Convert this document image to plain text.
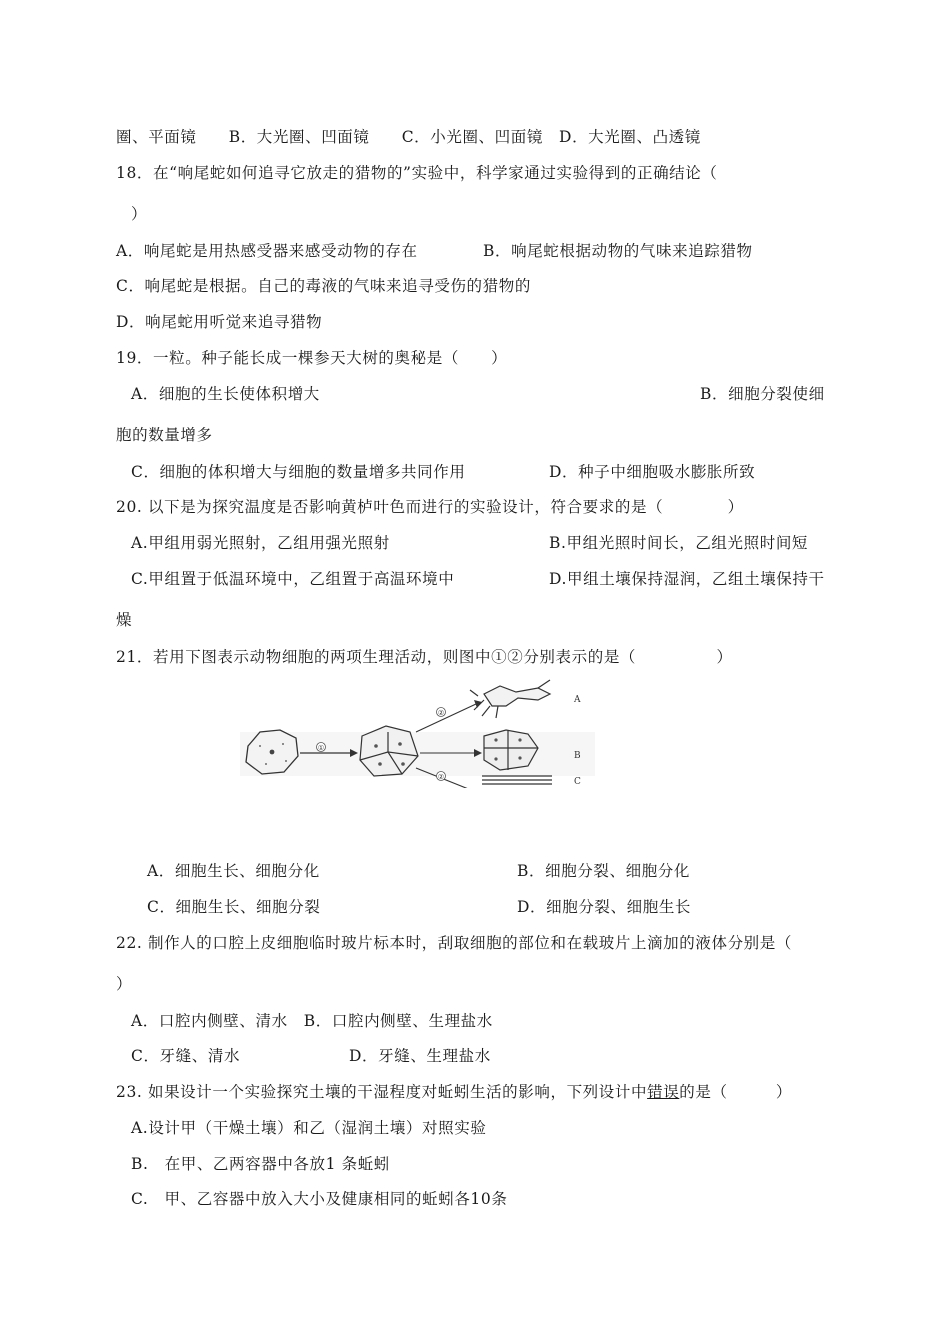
圈、平面镜　　B．大光圈、凹面镜　　C．小光圈、凹面镜　D．大光圈、凸透镜
18．在“响尾蛇如何追寻它放走的猎物的”实验中，科学家通过实验得到的正确结论（
）
A．响尾蛇是用热感受器来感受动物的存在	B．响尾蛇根据动物的气味来追踪猎物
C．响尾蛇是根据。自己的毒液的气味来追寻受伤的猎物的
D．响尾蛇用听觉来追寻猎物
19．一粒。种子能长成一棵参天大树的奥秘是（　　）
A．细胞的生长使体积增大	B．细胞分裂使细
胞的数量增多
C．细胞的体积增大与细胞的数量增多共同作用	D．种子中细胞吸水膨胀所致
20. 以下是为探究温度是否影响黄栌叶色而进行的实验设计，符合要求的是（　　　　）
A.甲组用弱光照射，乙组用强光照射	B.甲组光照时间长，乙组光照时间短
C.甲组置于低温环境中，乙组置于高温环境中	D.甲组土壤保持湿润，乙组土壤保持干
燥
21．若用下图表示动物细胞的两项生理活动，则图中①②分别表示的是（　　　　　）
①
②
②
A
B
C
A．细胞生长、细胞分化	B．细胞分裂、细胞分化
C．细胞生长、细胞分裂	D．细胞分裂、细胞生长
22. 制作人的口腔上皮细胞临时玻片标本时，刮取细胞的部位和在载玻片上滴加的液体分别是（
）
A．口腔内侧壁、清水　B．口腔内侧壁、生理盐水
C．牙缝、清水	D．牙缝、生理盐水
23. 如果设计一个实验探究土壤的干湿程度对蚯蚓生活的影响，下列设计中错误的是（　　　）
A.设计甲（干燥土壤）和乙（湿润土壤）对照实验
B.　在甲、乙两容器中各放1 条蚯蚓
C.　甲、乙容器中放入大小及健康相同的蚯蚓各10条
